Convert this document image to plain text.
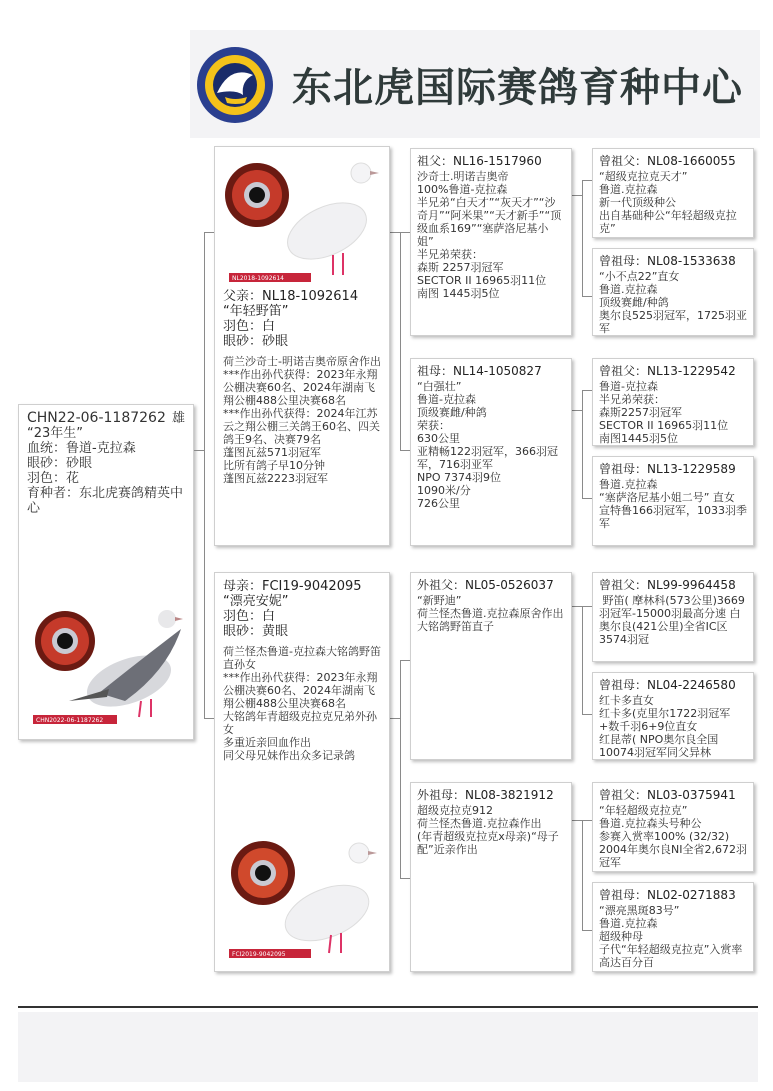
东北虎国际赛鸽育种中心
CHN22-06-1187262 雄
“23年生”
血统：鲁道-克拉森
眼砂：砂眼
羽色：花
育种者：东北虎赛鸽精英中心
CHN2022-06-1187262
NL2018-1092614
父亲：NL18-1092614
“年轻野笛”
羽色：白
眼砂：砂眼
荷兰沙奇士-明诺吉奥帝原舍作出
***作出孙代获得：2023年永翔公棚决赛60名、2024年湖南飞翔公棚488公里决赛68名
***作出孙代获得：2024年江苏云之翔公棚三关鸽王60名、四关鸽王9名、决赛79名
蓬图瓦兹571羽冠军
比所有鸽子早10分钟
蓬图瓦兹2223羽冠军
母亲：FCI19-9042095
“漂亮安妮”
羽色：白
眼砂：黄眼
荷兰怪杰鲁道-克拉森大铭鸽野笛直孙女
***作出孙代获得：2023年永翔公棚决赛60名、2024年湖南飞翔公棚488公里决赛68名
大铭鸽年青超级克拉克兄弟外孙女
多重近亲回血作出
同父母兄妹作出众多记录鸽
FCI2019-9042095
祖父：NL16-1517960
沙奇士.明诺吉奥帝
100%鲁道-克拉森
半兄弟“白天才”“灰天才”“沙奇月”“阿米果”“天才新手”“顶级血系169”“塞萨洛尼基小姐”
半兄弟荣获：
森斯 2257羽冠军
SECTOR II 16965羽11位
南图 1445羽5位
祖母：NL14-1050827
“白强壮”
鲁道-克拉森
顶级赛雌/种鸽
荣获：
630公里
亚精畅122羽冠军，366羽冠军，716羽亚军
NPO 7374羽9位
1090米/分
726公里
外祖父：NL05-0526037
“新野迪”
荷兰怪杰鲁道.克拉森原舍作出
大铭鸽野笛直子
外祖母：NL08-3821912
超级克拉克912
荷兰怪杰鲁道.克拉森作出
(年青超级克拉克x母亲)“母子配”近亲作出
曾祖父：NL08-1660055
“超级克拉克天才”
鲁道.克拉森
新一代顶级种公
出自基础种公“年轻超级克拉克”
曾祖母：NL08-1533638
“小不点22”直女
鲁道.克拉森
顶级赛雌/种鸽
奥尔良525羽冠军，1725羽亚军
曾祖父：NL13-1229542
鲁道-克拉森
半兄弟荣获：
森斯2257羽冠军
SECTOR II 16965羽11位
南图1445羽5位
曾祖母：NL13-1229589
鲁道.克拉森
“塞萨洛尼基小姐二号” 直女
宣特鲁166羽冠军，1033羽季军
曾祖父：NL99-9964458
野笛( 摩林科(573公里)3669羽冠军-15000羽最高分速 白
奥尔良(421公里)全省IC区3574羽冠
曾祖母：NL04-2246580
红卡多直女
红卡多(克里尔1722羽冠军+数千羽6+9位直女
红昆蒂( NPO奥尔良全国10074羽冠军同父异林
曾祖父：NL03-0375941
“年轻超级克拉克”
鲁道.克拉森头号种公
参赛入赏率100% (32/32)
2004年奥尔良NI全省2,672羽冠军
曾祖母：NL02-0271883
“漂亮黑斑83号”
鲁道.克拉森
超级种母
子代“年轻超级克拉克”入赏率高达百分百
